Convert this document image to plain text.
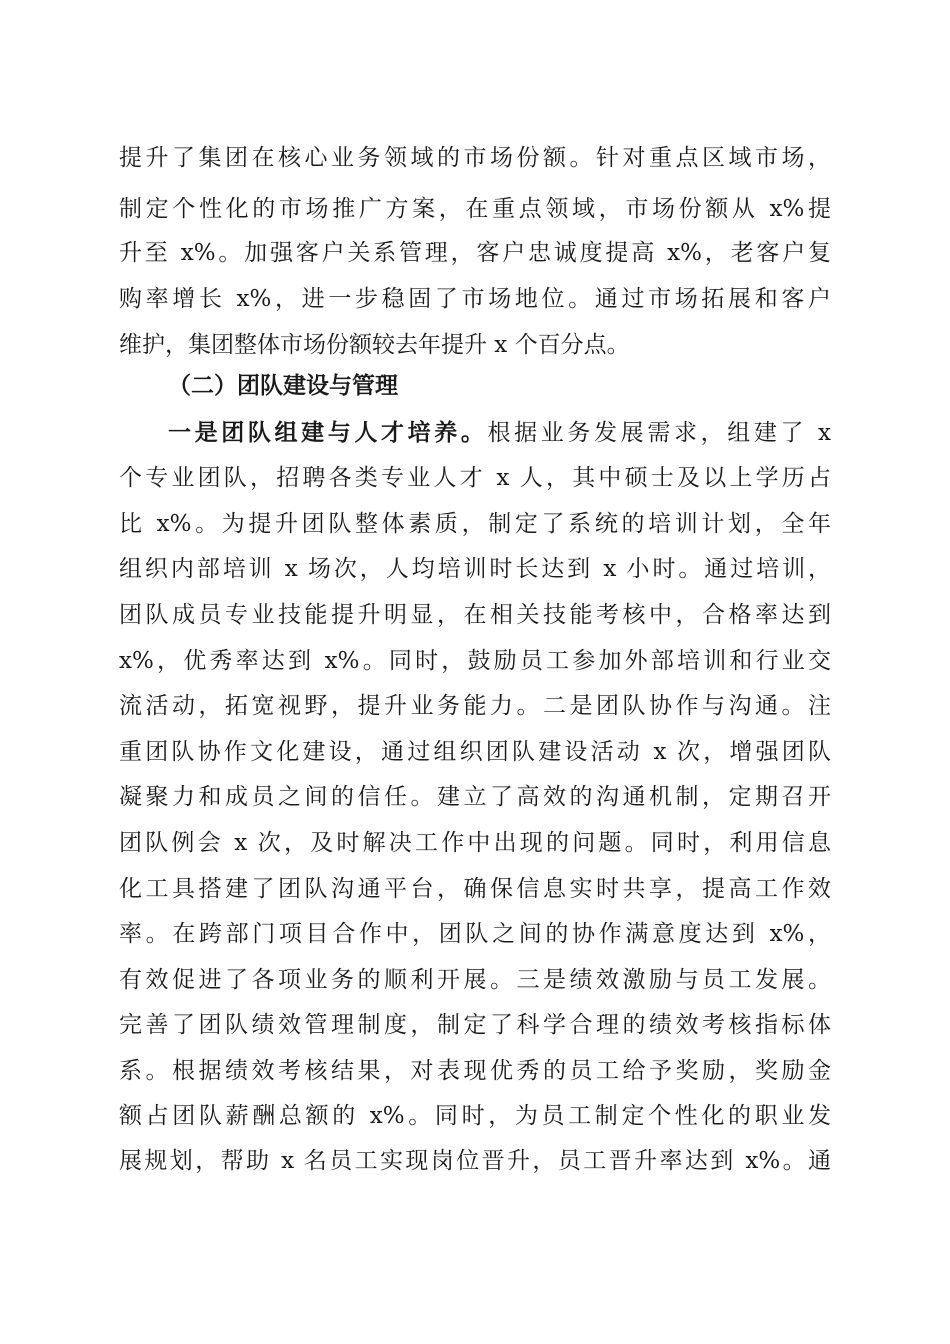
提升了集团在核心业务领域的市场份额。针对重点区域市场，
制定个性化的市场推广方案，在重点领域，市场份额从 x%提
升至 x%。加强客户关系管理，客户忠诚度提高 x%，老客户复
购率增长 x%，进一步稳固了市场地位。通过市场拓展和客户
维护，集团整体市场份额较去年提升 x 个百分点。
（二）团队建设与管理
一是团队组建与人才培养。根据业务发展需求，组建了 x
个专业团队，招聘各类专业人才 x 人，其中硕士及以上学历占
比 x%。为提升团队整体素质，制定了系统的培训计划，全年
组织内部培训 x 场次，人均培训时长达到 x 小时。通过培训，
团队成员专业技能提升明显，在相关技能考核中，合格率达到
x%，优秀率达到 x%。同时，鼓励员工参加外部培训和行业交
流活动，拓宽视野，提升业务能力。二是团队协作与沟通。注
重团队协作文化建设，通过组织团队建设活动 x 次，增强团队
凝聚力和成员之间的信任。建立了高效的沟通机制，定期召开
团队例会 x 次，及时解决工作中出现的问题。同时，利用信息
化工具搭建了团队沟通平台，确保信息实时共享，提高工作效
率。在跨部门项目合作中，团队之间的协作满意度达到 x%，
有效促进了各项业务的顺利开展。三是绩效激励与员工发展。
完善了团队绩效管理制度，制定了科学合理的绩效考核指标体
系。根据绩效考核结果，对表现优秀的员工给予奖励，奖励金
额占团队薪酬总额的 x%。同时，为员工制定个性化的职业发
展规划，帮助 x 名员工实现岗位晋升，员工晋升率达到 x%。通
